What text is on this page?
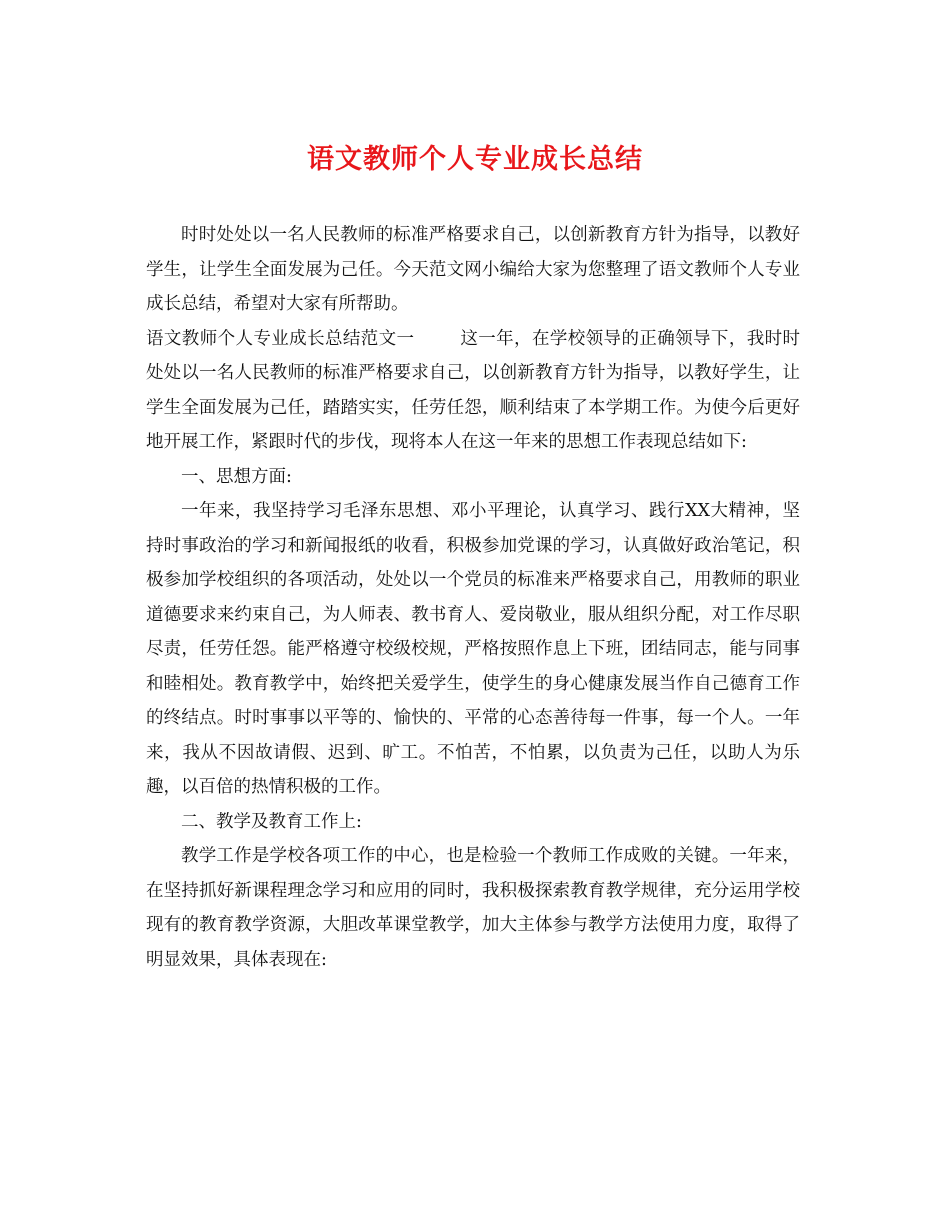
语文教师个人专业成长总结

时时处处以一名人民教师的标准严格要求自己，以创新教育方针为指导，以教好学生，让学生全面发展为己任。今天范文网小编给大家为您整理了语文教师个人专业成长总结，希望对大家有所帮助。

语文教师个人专业成长总结范文一	这一年，在学校领导的正确领导下，我时时处处以一名人民教师的标准严格要求自己，以创新教育方针为指导，以教好学生，让学生全面发展为己任，踏踏实实，任劳任怨，顺利结束了本学期工作。为使今后更好地开展工作，紧跟时代的步伐，现将本人在这一年来的思想工作表现总结如下:

一、思想方面:

一年来，我坚持学习毛泽东思想、邓小平理论，认真学习、践行XX大精神，坚持时事政治的学习和新闻报纸的收看，积极参加党课的学习，认真做好政治笔记，积极参加学校组织的各项活动，处处以一个党员的标准来严格要求自己，用教师的职业道德要求来约束自己，为人师表、教书育人、爱岗敬业，服从组织分配，对工作尽职尽责，任劳任怨。能严格遵守校级校规，严格按照作息上下班，团结同志，能与同事和睦相处。教育教学中，始终把关爱学生，使学生的身心健康发展当作自己德育工作的终结点。时时事事以平等的、愉快的、平常的心态善待每一件事，每一个人。一年来，我从不因故请假、迟到、旷工。不怕苦，不怕累，以负责为己任，以助人为乐趣，以百倍的热情积极的工作。

二、教学及教育工作上:

教学工作是学校各项工作的中心，也是检验一个教师工作成败的关键。一年来，在坚持抓好新课程理念学习和应用的同时，我积极探索教育教学规律，充分运用学校现有的教育教学资源，大胆改革课堂教学，加大主体参与教学方法使用力度，取得了明显效果，具体表现在:
